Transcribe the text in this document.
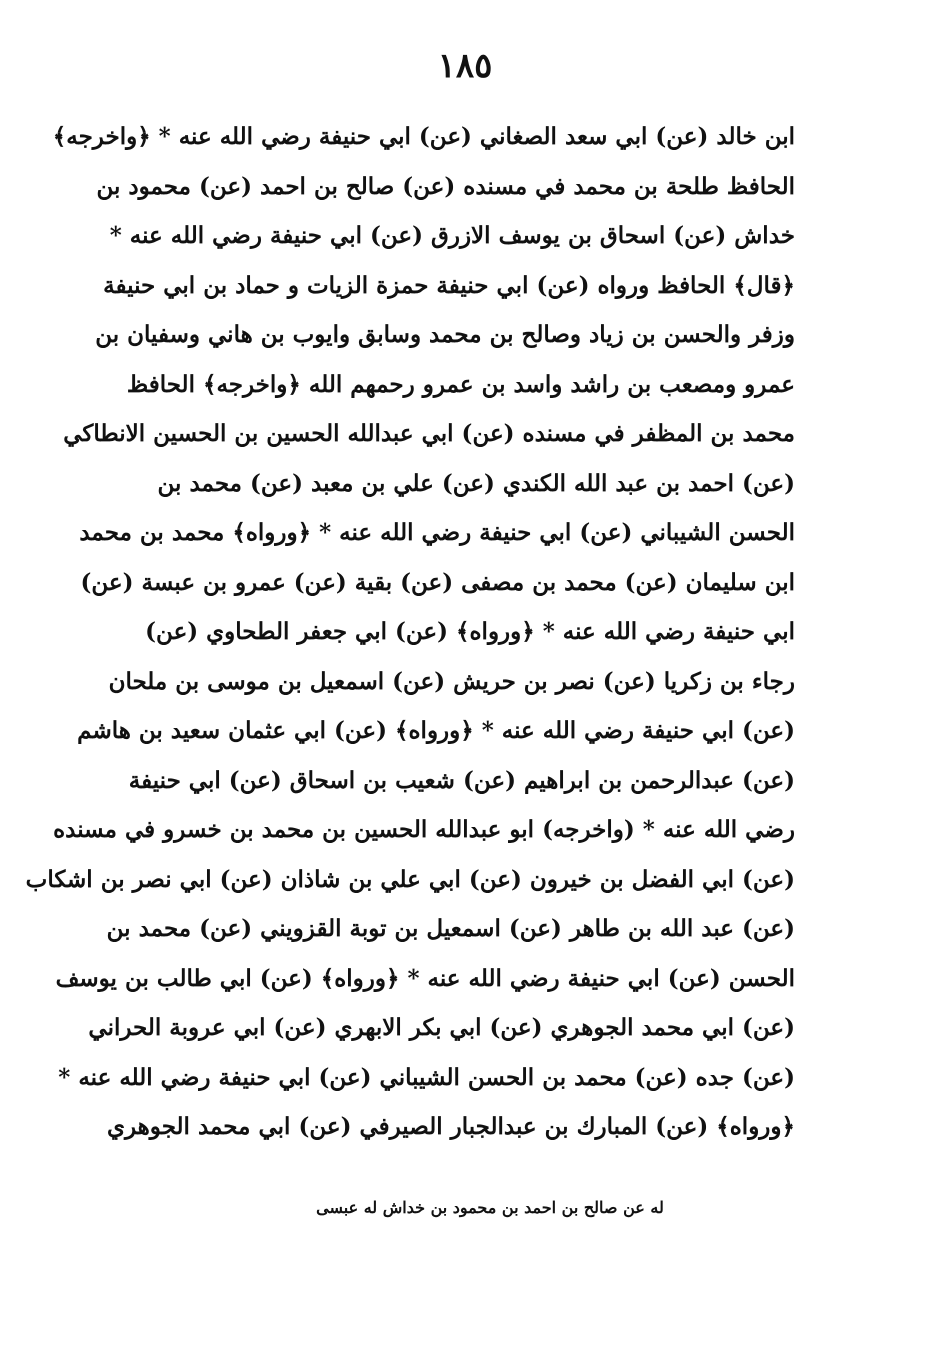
١٨٥
ابن خالد (عن) ابي سعد الصغاني (عن) ابي حنيفة رضي الله عنه * ﴿واخرجه﴾
الحافظ طلحة بن محمد في مسنده (عن) صالح بن احمد (عن) محمود بن
خداش (عن) اسحاق بن يوسف الازرق (عن) ابي حنيفة رضي الله عنه *
﴿قال﴾ الحافظ ورواه (عن) ابي حنيفة حمزة الزيات و حماد بن ابي حنيفة
وزفر والحسن بن زياد وصالح بن محمد وسابق وايوب بن هاني وسفيان بن
عمرو ومصعب بن راشد واسد بن عمرو رحمهم الله ﴿واخرجه﴾ الحافظ
محمد بن المظفر في مسنده (عن) ابي عبدالله الحسين بن الحسين الانطاكي
(عن) احمد بن عبد الله الكندي (عن) علي بن معبد (عن) محمد بن
الحسن الشيباني (عن) ابي حنيفة رضي الله عنه * ﴿ورواه﴾ محمد بن محمد
ابن سليمان (عن) محمد بن مصفى (عن) بقية (عن) عمرو بن عبسة (عن)
ابي حنيفة رضي الله عنه * ﴿ورواه﴾ (عن) ابي جعفر الطحاوي (عن)
رجاء بن زكريا (عن) نصر بن حريش (عن) اسمعيل بن موسى بن ملحان
(عن) ابي حنيفة رضي الله عنه * ﴿ورواه﴾ (عن) ابي عثمان سعيد بن هاشم
(عن) عبدالرحمن بن ابراهيم (عن) شعيب بن اسحاق (عن) ابي حنيفة
رضي الله عنه * (واخرجه) ابو عبدالله الحسين بن محمد بن خسرو في مسنده
(عن) ابي الفضل بن خيرون (عن) ابي علي بن شاذان (عن) ابي نصر بن اشكاب
(عن) عبد الله بن طاهر (عن) اسمعيل بن توبة القزويني (عن) محمد بن
الحسن (عن) ابي حنيفة رضي الله عنه * ﴿ورواه﴾ (عن) ابي طالب بن يوسف
(عن) ابي محمد الجوهري (عن) ابي بكر الابهري (عن) ابي عروبة الحراني
(عن) جده (عن) محمد بن الحسن الشيباني (عن) ابي حنيفة رضي الله عنه *
﴿ورواه﴾ (عن) المبارك بن عبدالجبار الصيرفي (عن) ابي محمد الجوهري
له عن صالح بن احمد بن محمود بن خداش له عبسى
